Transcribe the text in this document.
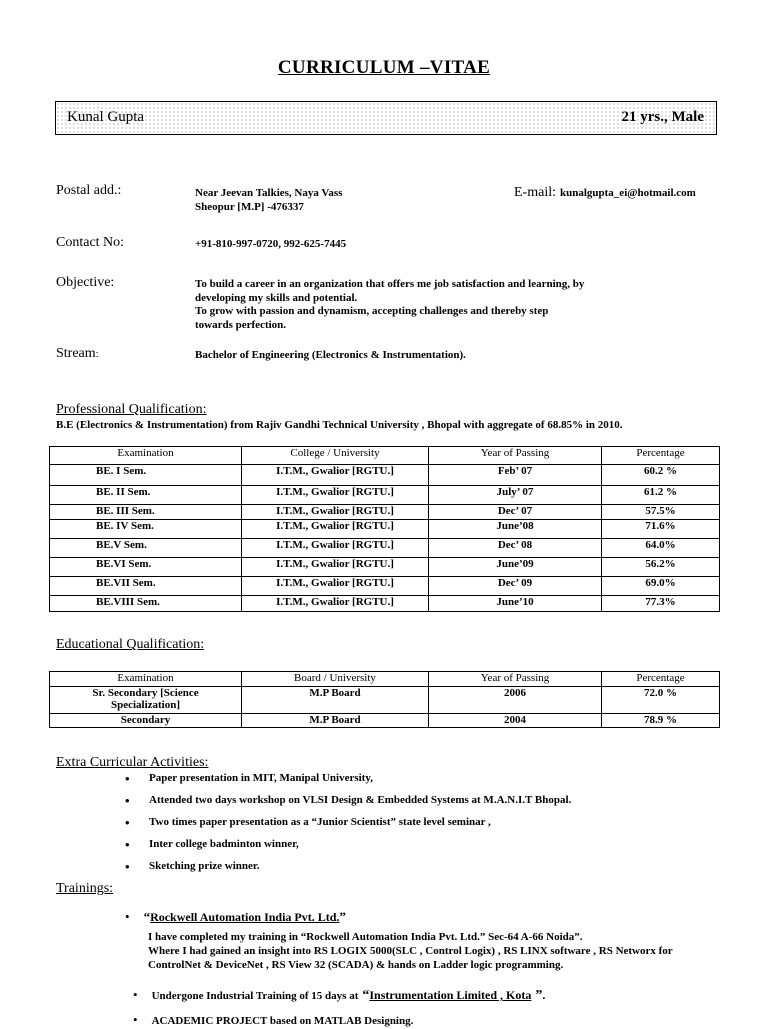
CURRICULUM –VITAE
Kunal Gupta	21 yrs., Male
Postal add.:	Near Jeevan Talkies, Naya Vass
Sheopur [M.P] -476337
E-mail: kunalgupta_ei@hotmail.com
Contact No:	+91-810-997-0720, 992-625-7445
Objective:	To build a career in an organization that offers me job satisfaction and learning, by
developing my skills and potential.
To grow with passion and dynamism, accepting challenges and thereby step
towards perfection.
Stream:	Bachelor of Engineering (Electronics & Instrumentation).
Professional Qualification:
B.E (Electronics & Instrumentation) from Rajiv Gandhi Technical University , Bhopal with aggregate of 68.85% in 2010.
Examination	College / University	Year of Passing	Percentage
BE. I Sem.	I.T.M., Gwalior [RGTU.]	Feb’ 07	60.2 %
BE. II Sem.	I.T.M., Gwalior [RGTU.]	July’ 07	61.2 %
BE. III Sem.	I.T.M., Gwalior [RGTU.]	Dec’ 07	57.5%
BE. IV Sem.	I.T.M., Gwalior [RGTU.]	June’08	71.6%
BE.V Sem.	I.T.M., Gwalior [RGTU.]	Dec’ 08	64.0%
BE.VI Sem.	I.T.M., Gwalior [RGTU.]	June’09	56.2%
BE.VII Sem.	I.T.M., Gwalior [RGTU.]	Dec’ 09	69.0%
BE.VIII Sem.	I.T.M., Gwalior [RGTU.]	June’10	77.3%
Educational Qualification:
Examination	Board / University	Year of Passing	Percentage
Sr. Secondary [Science Specialization]	M.P Board	2006	72.0 %
Secondary	M.P Board	2004	78.9 %
Extra Curricular Activities:
• Paper presentation in MIT, Manipal University,
• Attended two days workshop on VLSI Design & Embedded Systems at M.A.N.I.T Bhopal.
• Two times paper presentation as a “Junior Scientist” state level seminar ,
• Inter college badminton winner,
• Sketching prize winner.
Trainings:
• “Rockwell Automation India Pvt. Ltd.”
I have completed my training in “Rockwell Automation India Pvt. Ltd.” Sec-64 A-66 Noida”.
Where I had gained an insight into RS LOGIX 5000(SLC , Control Logix) , RS LINX software , RS Networx for
ControlNet & DeviceNet , RS View 32 (SCADA) & hands on Ladder logic programming.
• Undergone Industrial Training of 15 days at “Instrumentation Limited , Kota ”.
• ACADEMIC PROJECT based on MATLAB Designing.
